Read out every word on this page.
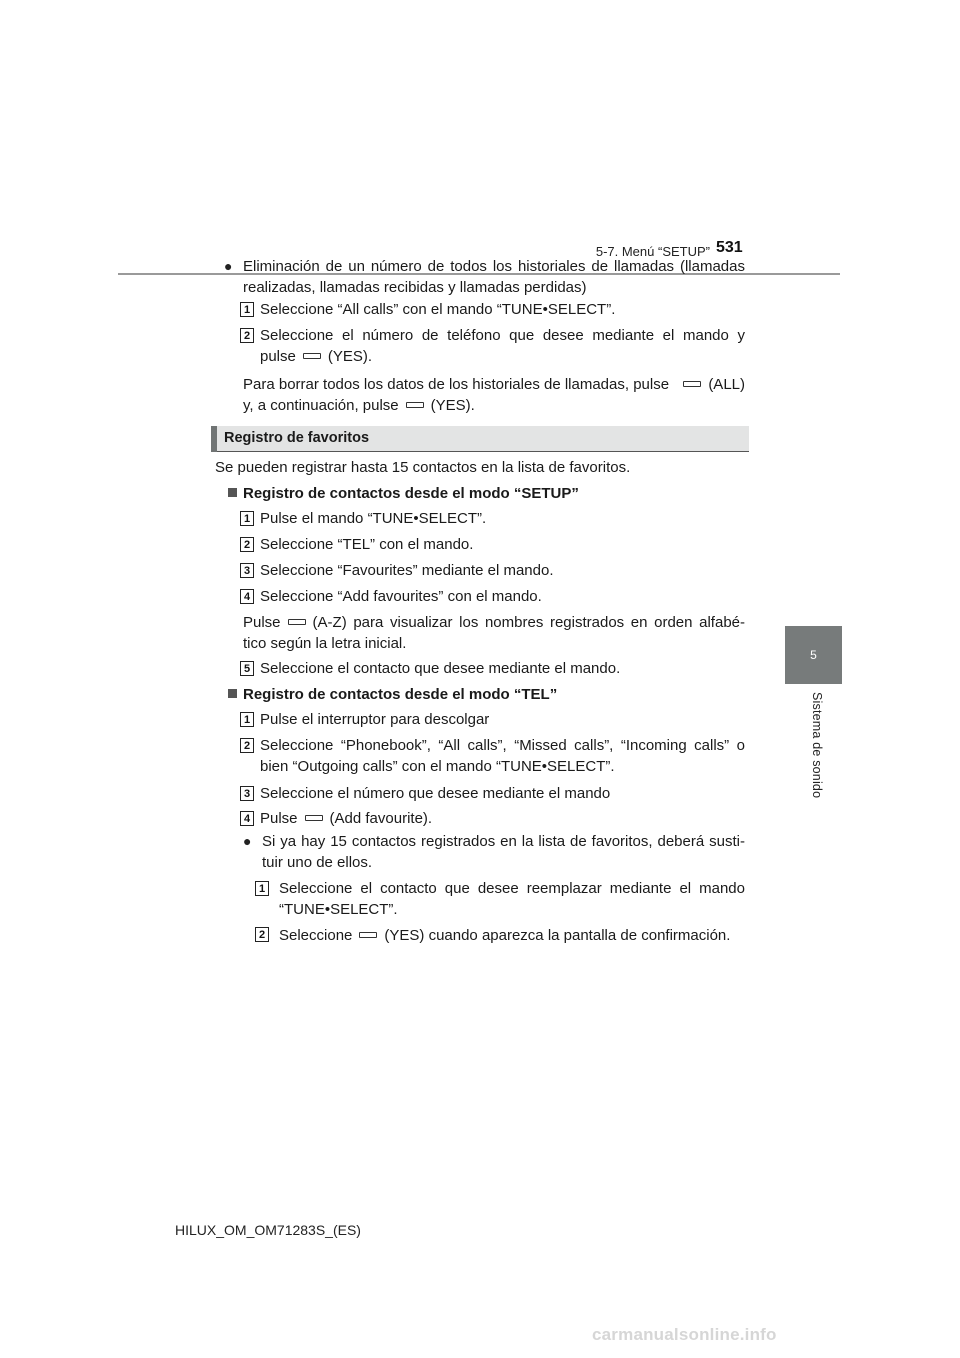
5-7. Menú “SETUP” 531
5
Sistema de sonido
● Eliminación de un número de todos los historiales de llamadas (llamadas
realizadas, llamadas recibidas y llamadas perdidas)
1 Seleccione “All calls” con el mando “TUNE•SELECT”.
2 Seleccione el número de teléfono que desee mediante el mando y
pulse (YES).
Para borrar todos los datos de los historiales de llamadas, pulse	(ALL)
y, a continuación, pulse (YES).
Registro de favoritos
Se pueden registrar hasta 15 contactos en la lista de favoritos.
Registro de contactos desde el modo “SETUP”
1 Pulse el mando “TUNE•SELECT”.
2 Seleccione “TEL” con el mando.
3 Seleccione “Favourites” mediante el mando.
4 Seleccione “Add favourites” con el mando.
Pulse	(A-Z) para visualizar los nombres registrados en orden alfabé-
tico según la letra inicial.
5 Seleccione el contacto que desee mediante el mando.
Registro de contactos desde el modo “TEL”
1 Pulse el interruptor para descolgar
2 Seleccione “Phonebook”, “All calls”, “Missed calls”, “Incoming calls” o
bien “Outgoing calls” con el mando “TUNE•SELECT”.
3 Seleccione el número que desee mediante el mando
4 Pulse (Add favourite).
● Si ya hay 15 contactos registrados en la lista de favoritos, deberá susti-
tuir uno de ellos.
1 Seleccione el contacto que desee reemplazar mediante el mando
“TUNE•SELECT”.
2 Seleccione (YES) cuando aparezca la pantalla de confirmación.
HILUX_OM_OM71283S_(ES)
carmanualsonline.info
